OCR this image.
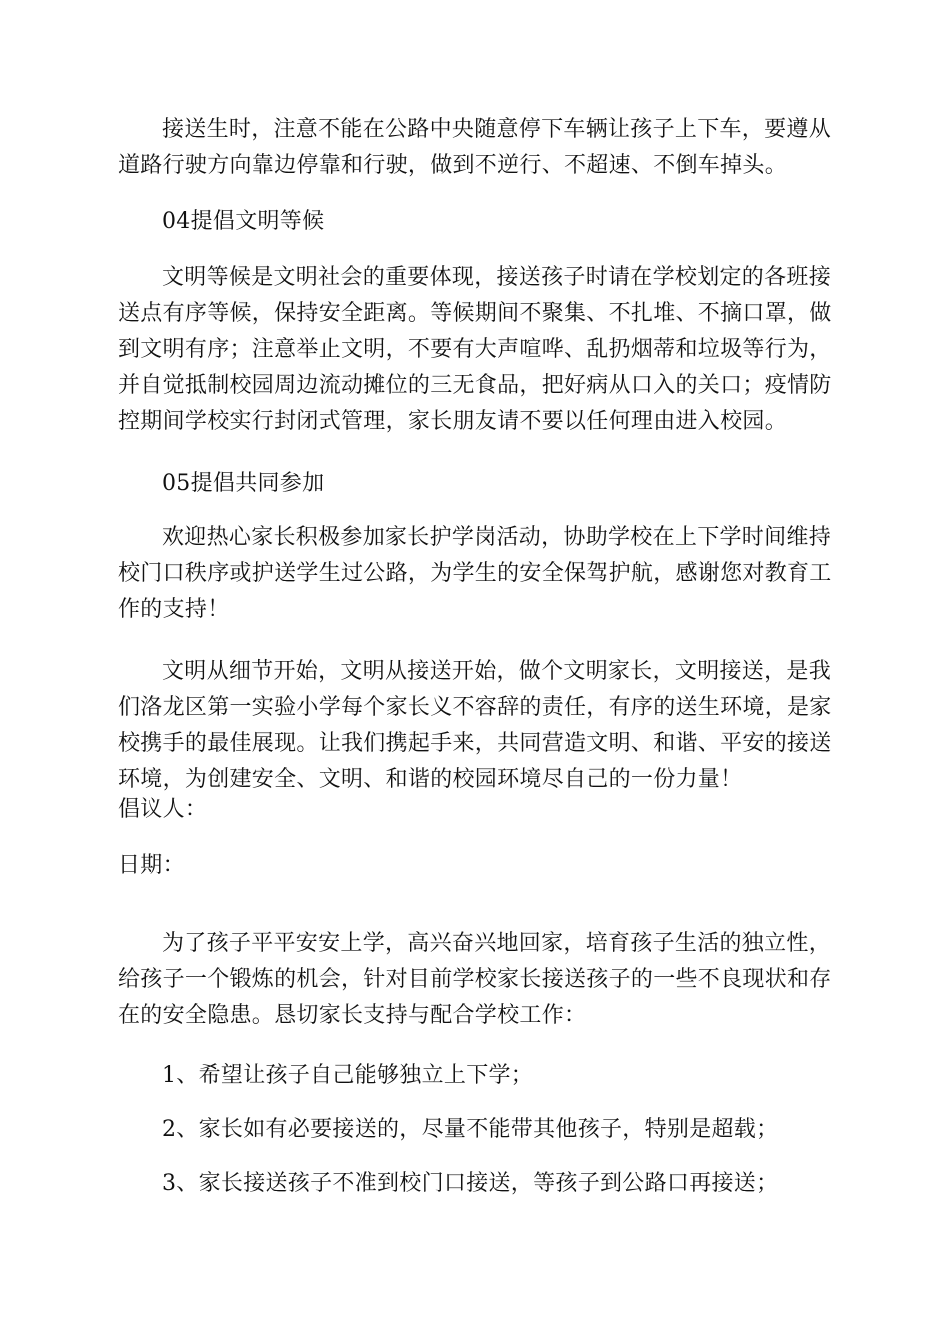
接送生时，注意不能在公路中央随意停下车辆让孩子上下车，要遵从道路行驶方向靠边停靠和行驶，做到不逆行、不超速、不倒车掉头。

04提倡文明等候

文明等候是文明社会的重要体现，接送孩子时请在学校划定的各班接送点有序等候，保持安全距离。等候期间不聚集、不扎堆、不摘口罩，做到文明有序；注意举止文明，不要有大声喧哗、乱扔烟蒂和垃圾等行为，并自觉抵制校园周边流动摊位的三无食品，把好病从口入的关口；疫情防控期间学校实行封闭式管理，家长朋友请不要以任何理由进入校园。

05提倡共同参加

欢迎热心家长积极参加家长护学岗活动，协助学校在上下学时间维持校门口秩序或护送学生过公路，为学生的安全保驾护航，感谢您对教育工作的支持！

文明从细节开始，文明从接送开始，做个文明家长，文明接送，是我们洛龙区第一实验小学每个家长义不容辞的责任，有序的送生环境，是家校携手的最佳展现。让我们携起手来，共同营造文明、和谐、平安的接送环境，为创建安全、文明、和谐的校园环境尽自己的一份力量！

倡议人：

日期：

为了孩子平平安安上学，高兴奋兴地回家，培育孩子生活的独立性，给孩子一个锻炼的机会，针对目前学校家长接送孩子的一些不良现状和存在的安全隐患。恳切家长支持与配合学校工作：

1、希望让孩子自己能够独立上下学；

2、家长如有必要接送的，尽量不能带其他孩子，特别是超载；

3、家长接送孩子不准到校门口接送，等孩子到公路口再接送；
